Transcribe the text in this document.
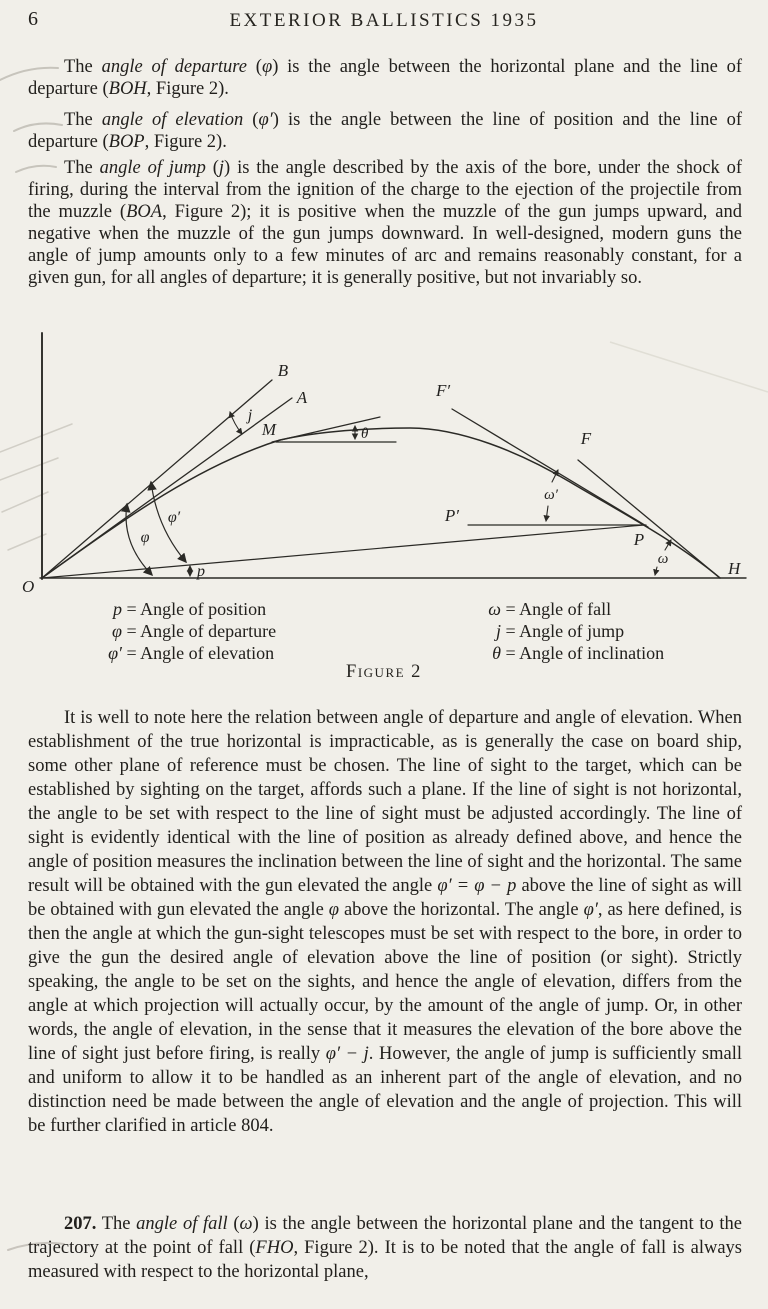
6	EXTERIOR BALLISTICS 1935
The angle of departure (φ) is the angle between the horizontal plane and the line of departure (BOH, Figure 2).
The angle of elevation (φ′) is the angle between the line of position and the line of departure (BOP, Figure 2).
The angle of jump (j) is the angle described by the axis of the bore, under the shock of firing, during the interval from the ignition of the charge to the ejection of the projectile from the muzzle (BOA, Figure 2); it is positive when the muzzle of the gun jumps upward, and negative when the muzzle of the gun jumps downward. In well-designed, modern guns the angle of jump amounts only to a few minutes of arc and remains reasonably constant, for a given gun, for all angles of departure; it is generally positive, but not invariably so.
O
B
A
M
F′
F
P′
P
H
j
θ
φ
φ′
p
ω′
ω
p = Angle of position
φ = Angle of departure
φ′ = Angle of elevation
ω = Angle of fall
j = Angle of jump
θ = Angle of inclination
Figure 2
It is well to note here the relation between angle of departure and angle of elevation. When establishment of the true horizontal is impracticable, as is generally the case on board ship, some other plane of reference must be chosen. The line of sight to the target, which can be established by sighting on the target, affords such a plane. If the line of sight is not horizontal, the angle to be set with respect to the line of sight must be adjusted accordingly. The line of sight is evidently identical with the line of position as already defined above, and hence the angle of position measures the inclination between the line of sight and the horizontal. The same result will be obtained with the gun elevated the angle φ′ = φ − p above the line of sight as will be obtained with gun elevated the angle φ above the horizontal. The angle φ′, as here defined, is then the angle at which the gun-sight telescopes must be set with respect to the bore, in order to give the gun the desired angle of elevation above the line of position (or sight). Strictly speaking, the angle to be set on the sights, and hence the angle of elevation, differs from the angle at which projection will actually occur, by the amount of the angle of jump. Or, in other words, the angle of elevation, in the sense that it measures the elevation of the bore above the line of sight just before firing, is really φ′ − j. However, the angle of jump is sufficiently small and uniform to allow it to be handled as an inherent part of the angle of elevation, and no distinction need be made between the angle of elevation and the angle of projection. This will be further clarified in article 804.
207. The angle of fall (ω) is the angle between the horizontal plane and the tangent to the trajectory at the point of fall (FHO, Figure 2). It is to be noted that the angle of fall is always measured with respect to the horizontal plane,
